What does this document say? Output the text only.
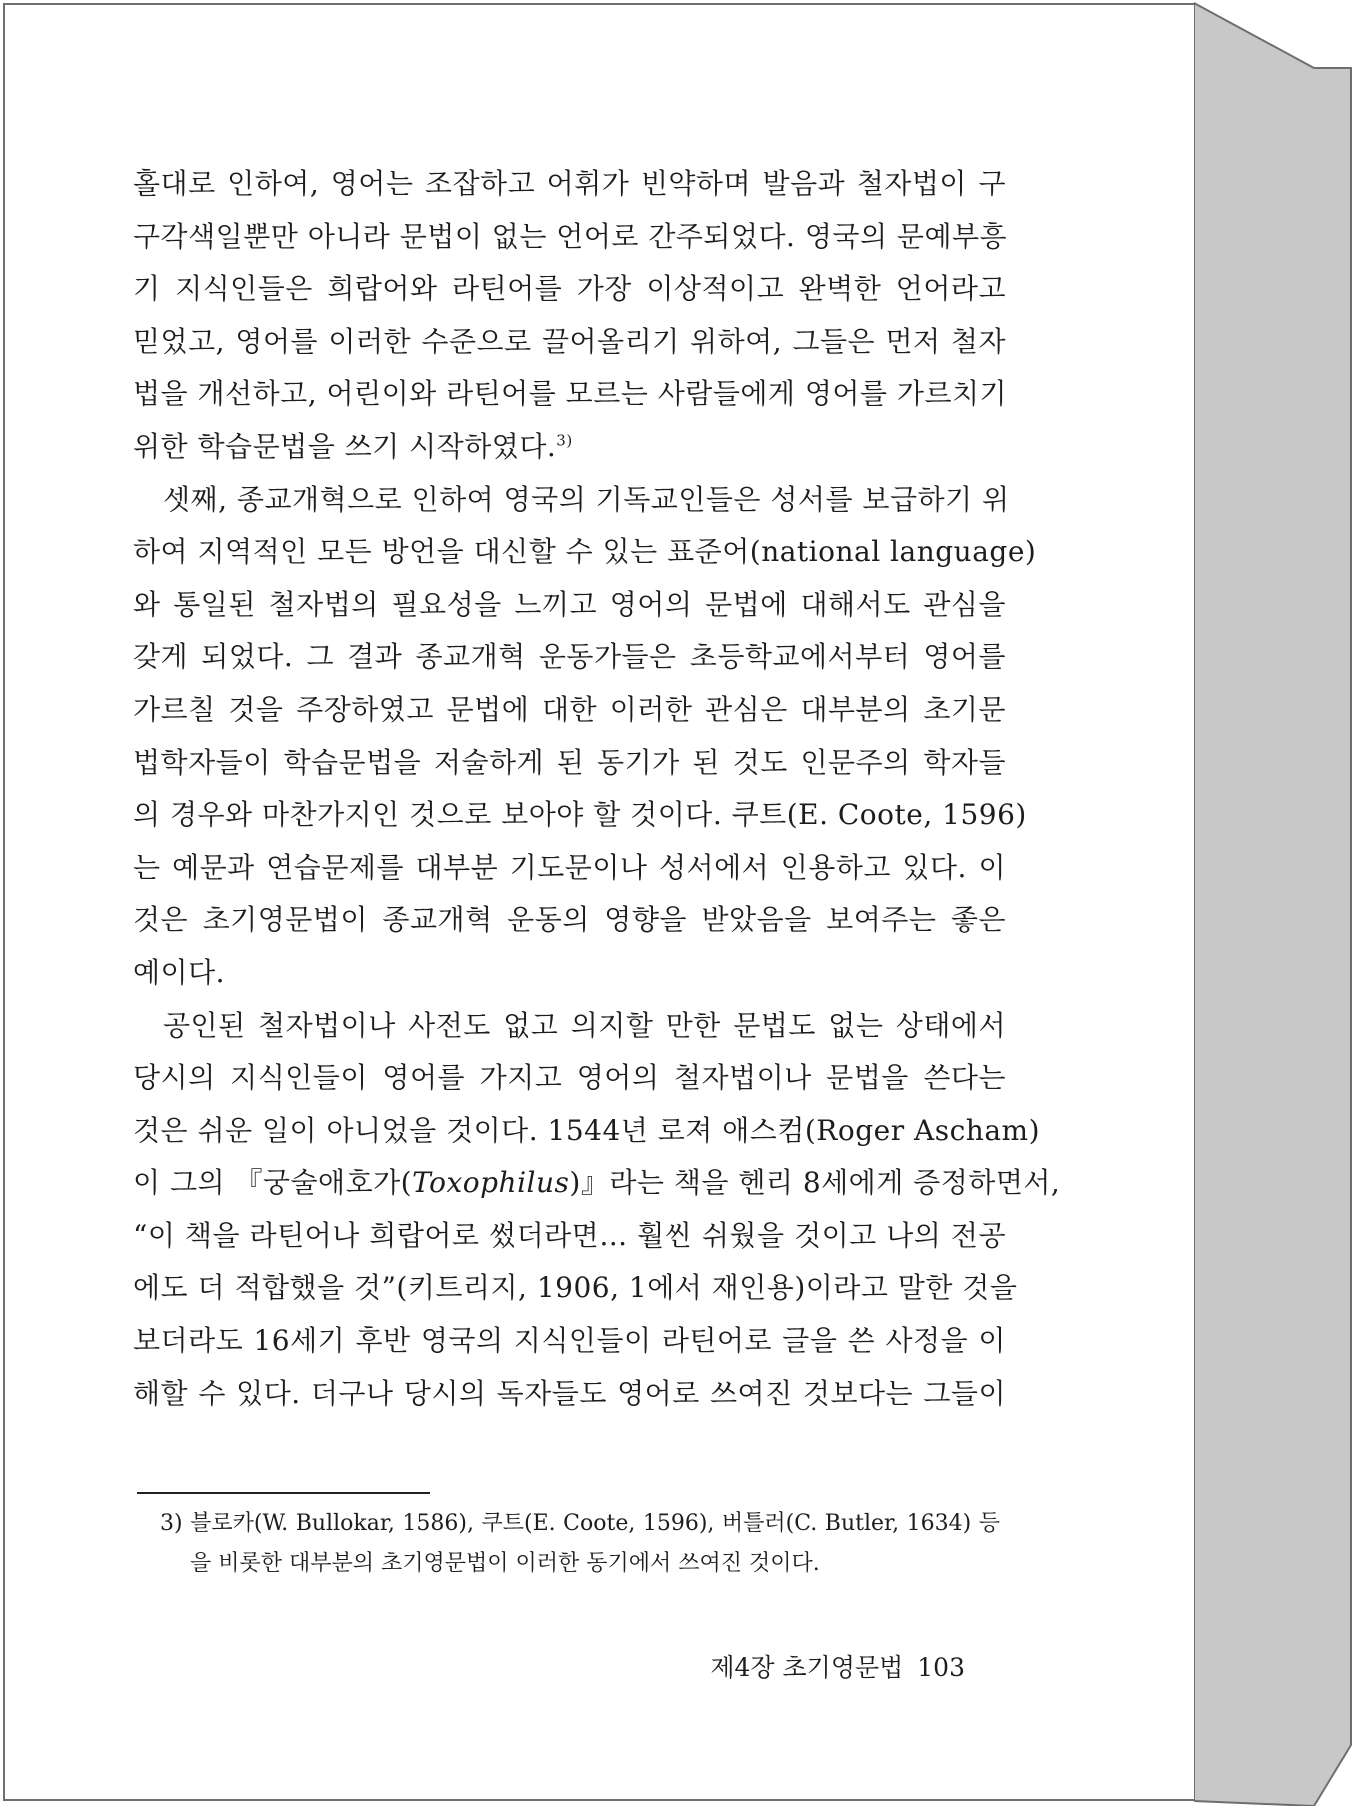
홀대로 인하여, 영어는 조잡하고 어휘가 빈약하며 발음과 철자법이 구
구각색일뿐만 아니라 문법이 없는 언어로 간주되었다. 영국의 문예부흥
기 지식인들은 희랍어와 라틴어를 가장 이상적이고 완벽한 언어라고
믿었고, 영어를 이러한 수준으로 끌어올리기 위하여, 그들은 먼저 철자
법을 개선하고, 어린이와 라틴어를 모르는 사람들에게 영어를 가르치기
위한 학습문법을 쓰기 시작하였다.$^{3)}$
셋째, 종교개혁으로 인하여 영국의 기독교인들은 성서를 보급하기 위
하여 지역적인 모든 방언을 대신할 수 있는 표준어(national language)
와 통일된 철자법의 필요성을 느끼고 영어의 문법에 대해서도 관심을
갖게 되었다. 그 결과 종교개혁 운동가들은 초등학교에서부터 영어를
가르칠 것을 주장하였고 문법에 대한 이러한 관심은 대부분의 초기문
법학자들이 학습문법을 저술하게 된 동기가 된 것도 인문주의 학자들
의 경우와 마찬가지인 것으로 보아야 할 것이다. 쿠트(E. Coote, 1596)
는 예문과 연습문제를 대부분 기도문이나 성서에서 인용하고 있다. 이
것은 초기영문법이 종교개혁 운동의 영향을 받았음을 보여주는 좋은
예이다.
공인된 철자법이나 사전도 없고 의지할 만한 문법도 없는 상태에서
당시의 지식인들이 영어를 가지고 영어의 철자법이나 문법을 쓴다는
것은 쉬운 일이 아니었을 것이다. 1544년 로져 애스컴(Roger Ascham)
이 그의 『궁술애호가(Toxophilus)』라는 책을 헨리 8세에게 증정하면서,
“이 책을 라틴어나 희랍어로 썼더라면… 훨씬 쉬웠을 것이고 나의 전공
에도 더 적합했을 것”(키트리지, 1906, 1에서 재인용)이라고 말한 것을
보더라도 16세기 후반 영국의 지식인들이 라틴어로 글을 쓴 사정을 이
해할 수 있다. 더구나 당시의 독자들도 영어로 쓰여진 것보다는 그들이
3) 블로카(W. Bullokar, 1586), 쿠트(E. Coote, 1596), 버틀러(C. Butler, 1634) 등
을 비롯한 대부분의 초기영문법이 이러한 동기에서 쓰여진 것이다.
제4장 초기영문법 103
